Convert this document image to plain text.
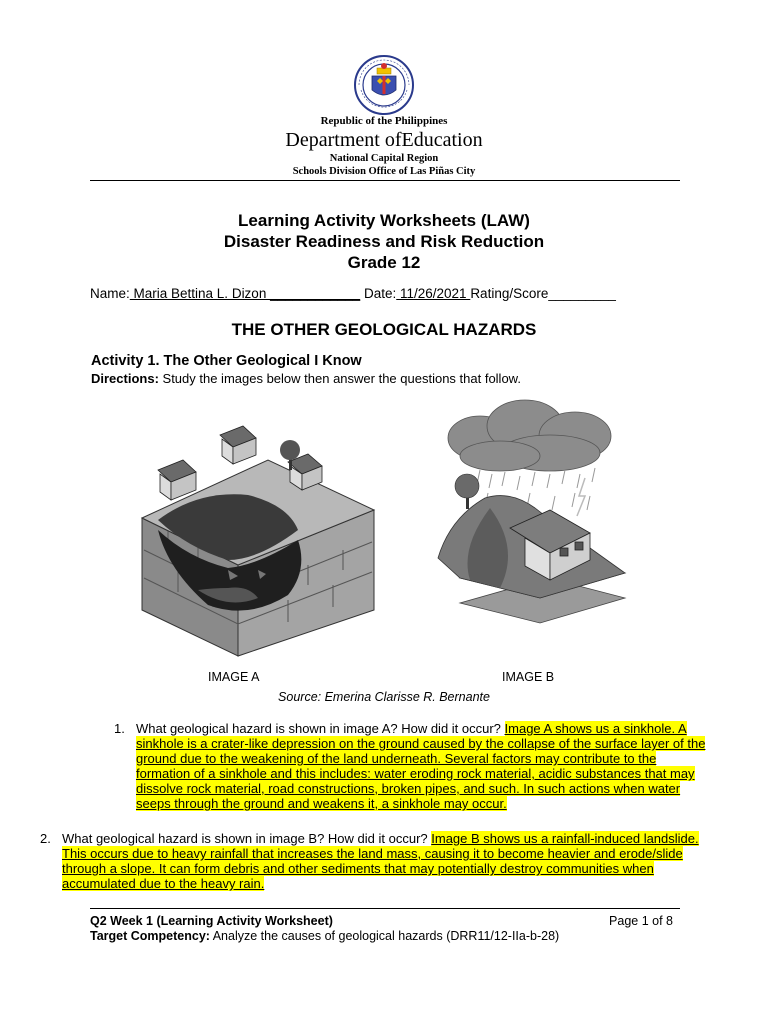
Republic of the Philippines
Department ofEducation
National Capital Region
Schools Division Office of Las Piñas City
Learning Activity Worksheets (LAW)
Disaster Readiness and Risk Reduction
Grade 12
Name: Maria Bettina L. Dizon ____________ Date: 11/26/2021 Rating/Score_________
THE OTHER GEOLOGICAL HAZARDS
Activity 1. The Other Geological I Know
Directions: Study the images below then answer the questions that follow.
IMAGE A	IMAGE B
Source: Emerina Clarisse R. Bernante
1. What geological hazard is shown in image A? How did it occur? Image A shows us a sinkhole. A sinkhole is a crater-like depression on the ground caused by the collapse of the surface layer of the ground due to the weakening of the land underneath. Several factors may contribute to the formation of a sinkhole and this includes: water eroding rock material, acidic substances that may dissolve rock material, road constructions, broken pipes, and such. In such actions when water seeps through the ground and weakens it, a sinkhole may occur.
2. What geological hazard is shown in image B? How did it occur? Image B shows us a rainfall-induced landslide. This occurs due to heavy rainfall that increases the land mass, causing it to become heavier and erode/slide through a slope. It can form debris and other sediments that may potentially destroy communities when accumulated due to the heavy rain.
Q2 Week 1 (Learning Activity Worksheet)	Page 1 of 8
Target Competency: Analyze the causes of geological hazards (DRR11/12-IIa-b-28)
